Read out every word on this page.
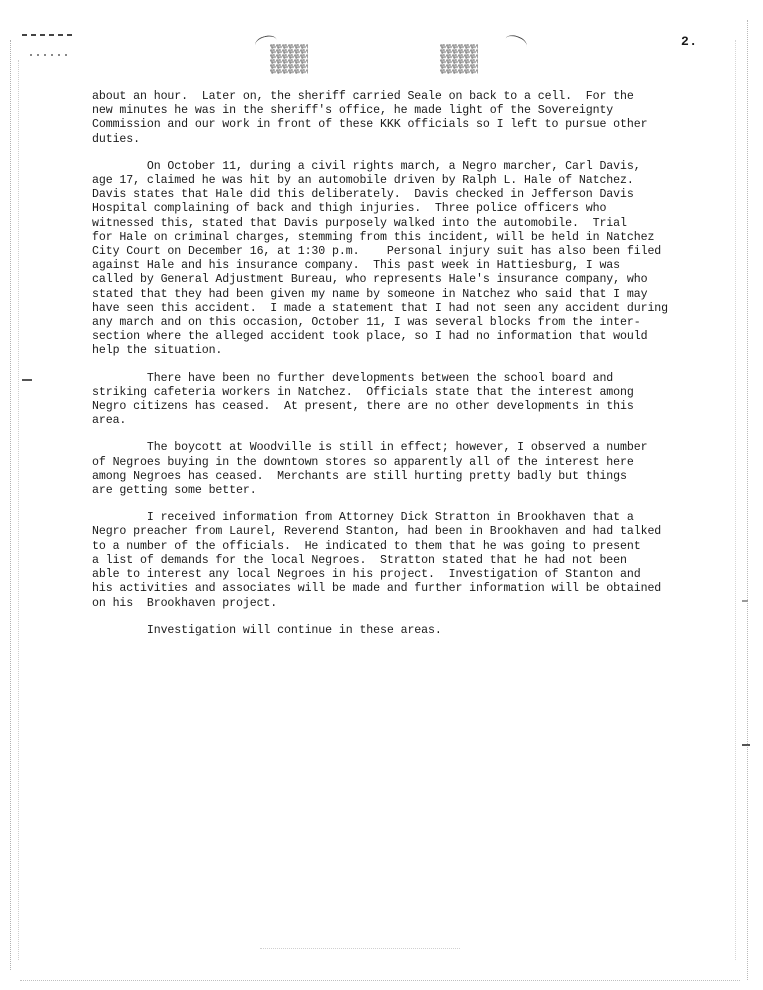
2.

about an hour.  Later on, the sheriff carried Seale on back to a cell.  For the

new minutes he was in the sheriff's office, he made light of the Sovereignty

Commission and our work in front of these KKK officials so I left to pursue other

duties.

On October 11, during a civil rights march, a Negro marcher, Carl Davis,

age 17, claimed he was hit by an automobile driven by Ralph L. Hale of Natchez.

Davis states that Hale did this deliberately.  Davis checked in Jefferson Davis

Hospital complaining of back and thigh injuries.  Three police officers who

witnessed this, stated that Davis purposely walked into the automobile.  Trial

for Hale on criminal charges, stemming from this incident, will be held in Natchez

City Court on December 16, at 1:30 p.m.    Personal injury suit has also been filed

against Hale and his insurance company.  This past week in Hattiesburg, I was

called by General Adjustment Bureau, who represents Hale's insurance company, who

stated that they had been given my name by someone in Natchez who said that I may

have seen this accident.  I made a statement that I had not seen any accident during

any march and on this occasion, October 11, I was several blocks from the inter-

section where the alleged accident took place, so I had no information that would

help the situation.

There have been no further developments between the school board and

striking cafeteria workers in Natchez.  Officials state that the interest among

Negro citizens has ceased.  At present, there are no other developments in this

area.

The boycott at Woodville is still in effect; however, I observed a number

of Negroes buying in the downtown stores so apparently all of the interest here

among Negroes has ceased.  Merchants are still hurting pretty badly but things

are getting some better.

I received information from Attorney Dick Stratton in Brookhaven that a

Negro preacher from Laurel, Reverend Stanton, had been in Brookhaven and had talked

to a number of the officials.  He indicated to them that he was going to present

a list of demands for the local Negroes.  Stratton stated that he had not been

able to interest any local Negroes in his project.  Investigation of Stanton and

his activities and associates will be made and further information will be obtained

on his  Brookhaven project.

Investigation will continue in these areas.
